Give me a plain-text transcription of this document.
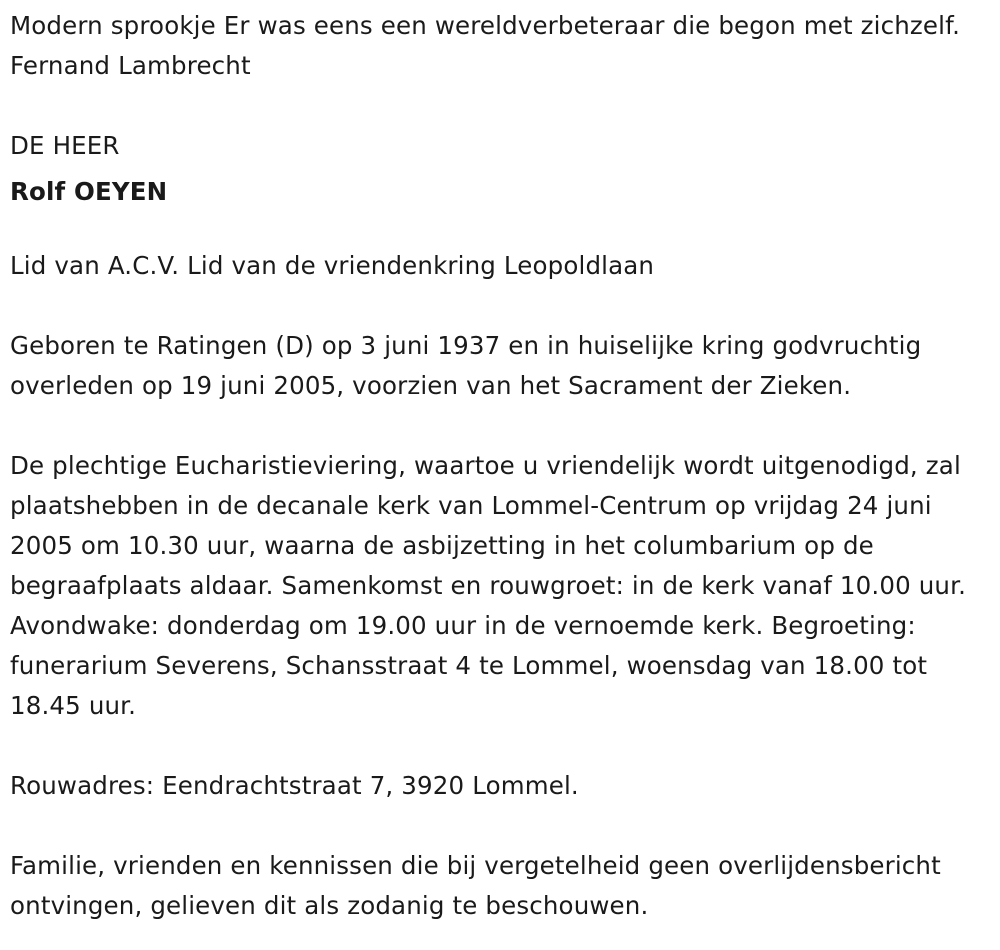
Modern sprookje Er was eens een wereldverbeteraar die begon met zichzelf. Fernand Lambrecht

DE HEER

Rolf OEYEN

Lid van A.C.V. Lid van de vriendenkring Leopoldlaan

Geboren te Ratingen (D) op 3 juni 1937 en in huiselijke kring godvruchtig overleden op 19 juni 2005, voorzien van het Sacrament der Zieken.

De plechtige Eucharistieviering, waartoe u vriendelijk wordt uitgenodigd, zal plaatshebben in de decanale kerk van Lommel-Centrum op vrijdag 24 juni 2005 om 10.30 uur, waarna de asbijzetting in het columbarium op de begraafplaats aldaar. Samenkomst en rouwgroet: in de kerk vanaf 10.00 uur. Avondwake: donderdag om 19.00 uur in de vernoemde kerk. Begroeting: funerarium Severens, Schansstraat 4 te Lommel, woensdag van 18.00 tot 18.45 uur.

Rouwadres: Eendrachtstraat 7, 3920 Lommel.

Familie, vrienden en kennissen die bij vergetelheid geen overlijdensbericht ontvingen, gelieven dit als zodanig te beschouwen.
